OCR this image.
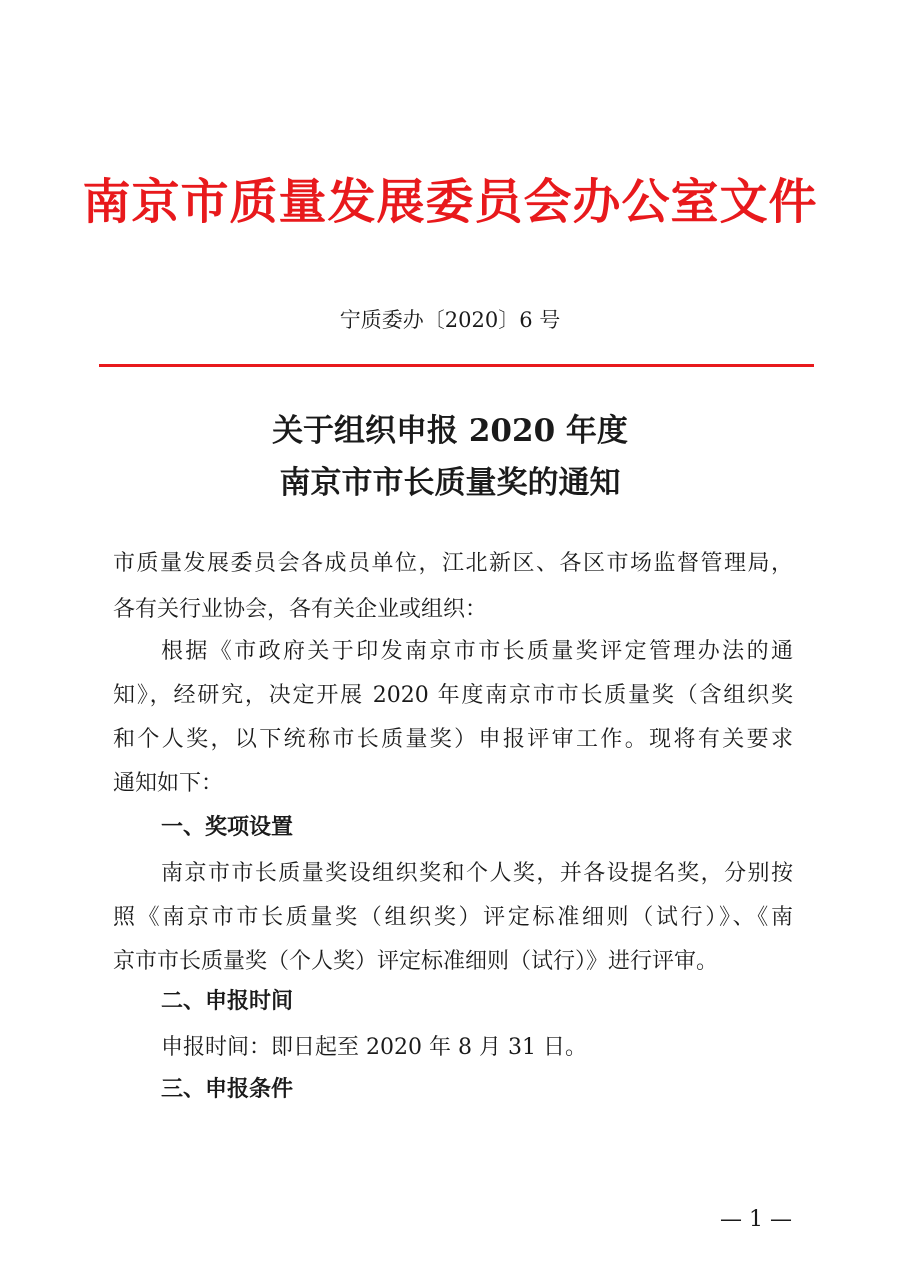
南京市质量发展委员会办公室文件
宁质委办〔2020〕6 号
关于组织申报 2020 年度
南京市市长质量奖的通知
市质量发展委员会各成员单位，江北新区、各区市场监督管理局，
各有关行业协会，各有关企业或组织：
根据《市政府关于印发南京市市长质量奖评定管理办法的通
知》，经研究，决定开展 2020 年度南京市市长质量奖（含组织奖
和个人奖，以下统称市长质量奖）申报评审工作。现将有关要求
通知如下：
一、奖项设置
南京市市长质量奖设组织奖和个人奖，并各设提名奖，分别按
照《南京市市长质量奖（组织奖）评定标准细则（试行）》、《南
京市市长质量奖（个人奖）评定标准细则（试行）》进行评审。
二、申报时间
申报时间：即日起至 2020 年 8 月 31 日。
三、申报条件
— 1 —
